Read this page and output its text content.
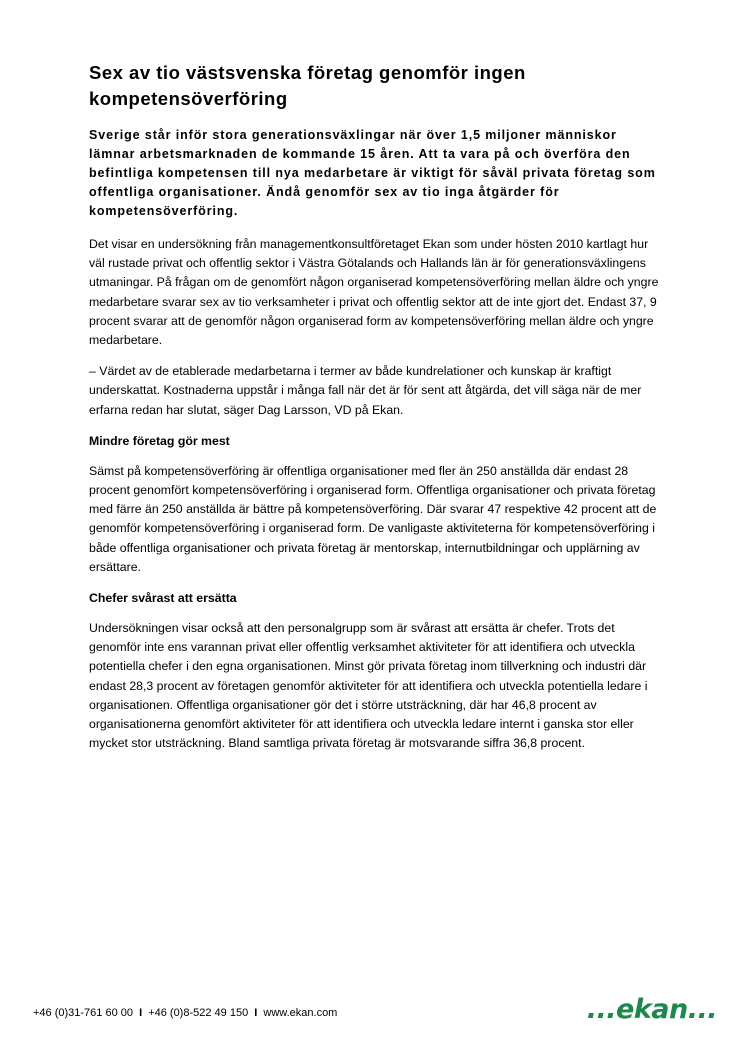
Sex av tio västsvenska företag genomför ingen kompetensöverföring

Sverige står inför stora generationsväxlingar när över 1,5 miljoner människor lämnar arbetsmarknaden de kommande 15 åren. Att ta vara på och överföra den befintliga kompetensen till nya medarbetare är viktigt för såväl privata företag som offentliga organisationer. Ändå genomför sex av tio inga åtgärder för kompetensöverföring.

Det visar en undersökning från managementkonsultföretaget Ekan som under hösten 2010 kartlagt hur väl rustade privat och offentlig sektor i Västra Götalands och Hallands län är för generationsväxlingens utmaningar. På frågan om de genomfört någon organiserad kompetensöverföring mellan äldre och yngre medarbetare svarar sex av tio verksamheter i privat och offentlig sektor att de inte gjort det. Endast 37, 9 procent svarar att de genomför någon organiserad form av kompetensöverföring mellan äldre och yngre medarbetare.

– Värdet av de etablerade medarbetarna i termer av både kundrelationer och kunskap är kraftigt underskattat. Kostnaderna uppstår i många fall när det är för sent att åtgärda, det vill säga när de mer erfarna redan har slutat, säger Dag Larsson, VD på Ekan.

Mindre företag gör mest

Sämst på kompetensöverföring är offentliga organisationer med fler än 250 anställda där endast 28 procent genomfört kompetensöverföring i organiserad form. Offentliga organisationer och privata företag med färre än 250 anställda är bättre på kompetensöverföring. Där svarar 47 respektive 42 procent att de genomför kompetensöverföring i organiserad form. De vanligaste aktiviteterna för kompetensöverföring i både offentliga organisationer och privata företag är mentorskap, internutbildningar och upplärning av ersättare.

Chefer svårast att ersätta

Undersökningen visar också att den personalgrupp som är svårast att ersätta är chefer. Trots det genomför inte ens varannan privat eller offentlig verksamhet aktiviteter för att identifiera och utveckla potentiella chefer i den egna organisationen. Minst gör privata företag inom tillverkning och industri där endast 28,3 procent av företagen genomför aktiviteter för att identifiera och utveckla potentiella ledare i organisationen. Offentliga organisationer gör det i större utsträckning, där har 46,8 procent av organisationerna genomfört aktiviteter för att identifiera och utveckla ledare internt i ganska stor eller mycket stor utsträckning. Bland samtliga privata företag är motsvarande siffra 36,8 procent.

+46 (0)31-761 60 00 I +46 (0)8-522 49 150 I www.ekan.com	...ekan...
